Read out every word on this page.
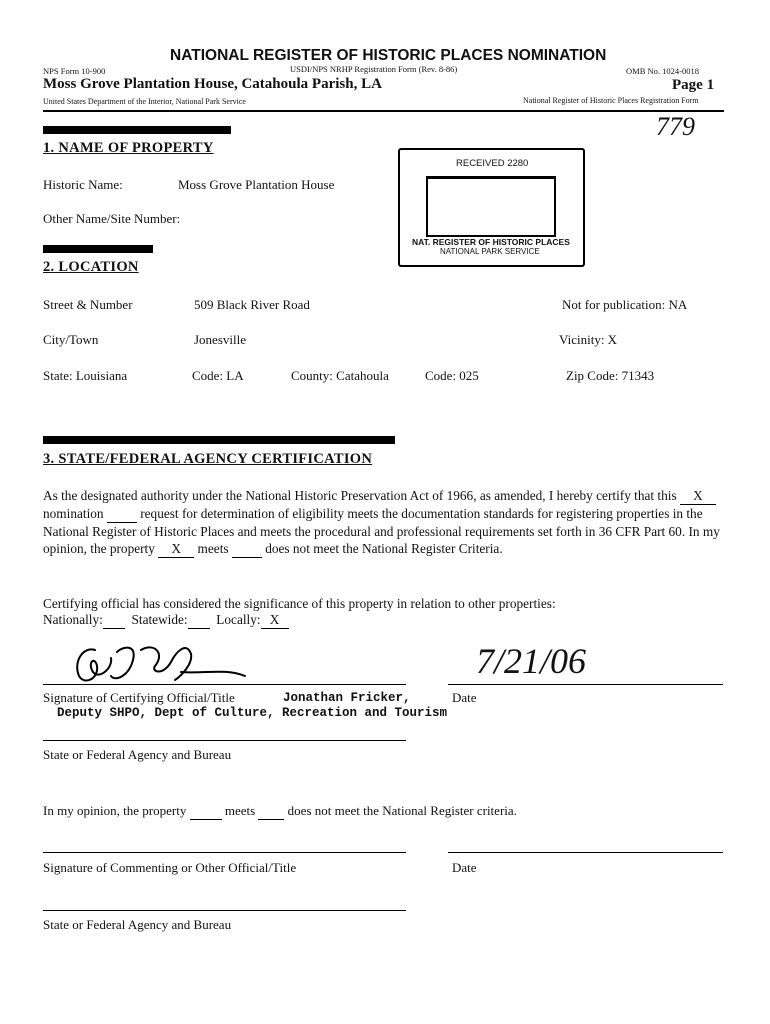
NATIONAL REGISTER OF HISTORIC PLACES NOMINATION
NPS Form 10-900	USDI/NPS NRHP Registration Form (Rev. 8-86)	OMB No. 1024-0018
Moss Grove Plantation House, Catahoula Parish, LA	Page 1
United States Department of the Interior, National Park Service	National Register of Historic Places Registration Form
779
1. NAME OF PROPERTY
Historic Name:	Moss Grove Plantation House
Other Name/Site Number:
RECEIVED 2280
NAT. REGISTER OF HISTORIC PLACES
NATIONAL PARK SERVICE
2. LOCATION
Street & Number	509 Black River Road	Not for publication: NA
City/Town	Jonesville	Vicinity: X
State: Louisiana	Code: LA	County: Catahoula	Code: 025	Zip Code: 71343
3. STATE/FEDERAL AGENCY CERTIFICATION
As the designated authority under the National Historic Preservation Act of 1966, as amended, I hereby certify that this X nomination  request for determination of eligibility meets the documentation standards for registering properties in the National Register of Historic Places and meets the procedural and professional requirements set forth in 36 CFR Part 60. In my opinion, the property X meets  does not meet the National Register Criteria.
Certifying official has considered the significance of this property in relation to other properties:
Nationally: Statewide: Locally: X
7/21/06
Signature of Certifying Official/Title	Jonathan Fricker,	Date
Deputy SHPO, Dept of Culture, Recreation and Tourism
State or Federal Agency and Bureau
In my opinion, the property  meets  does not meet the National Register criteria.
Signature of Commenting or Other Official/Title	Date
State or Federal Agency and Bureau
